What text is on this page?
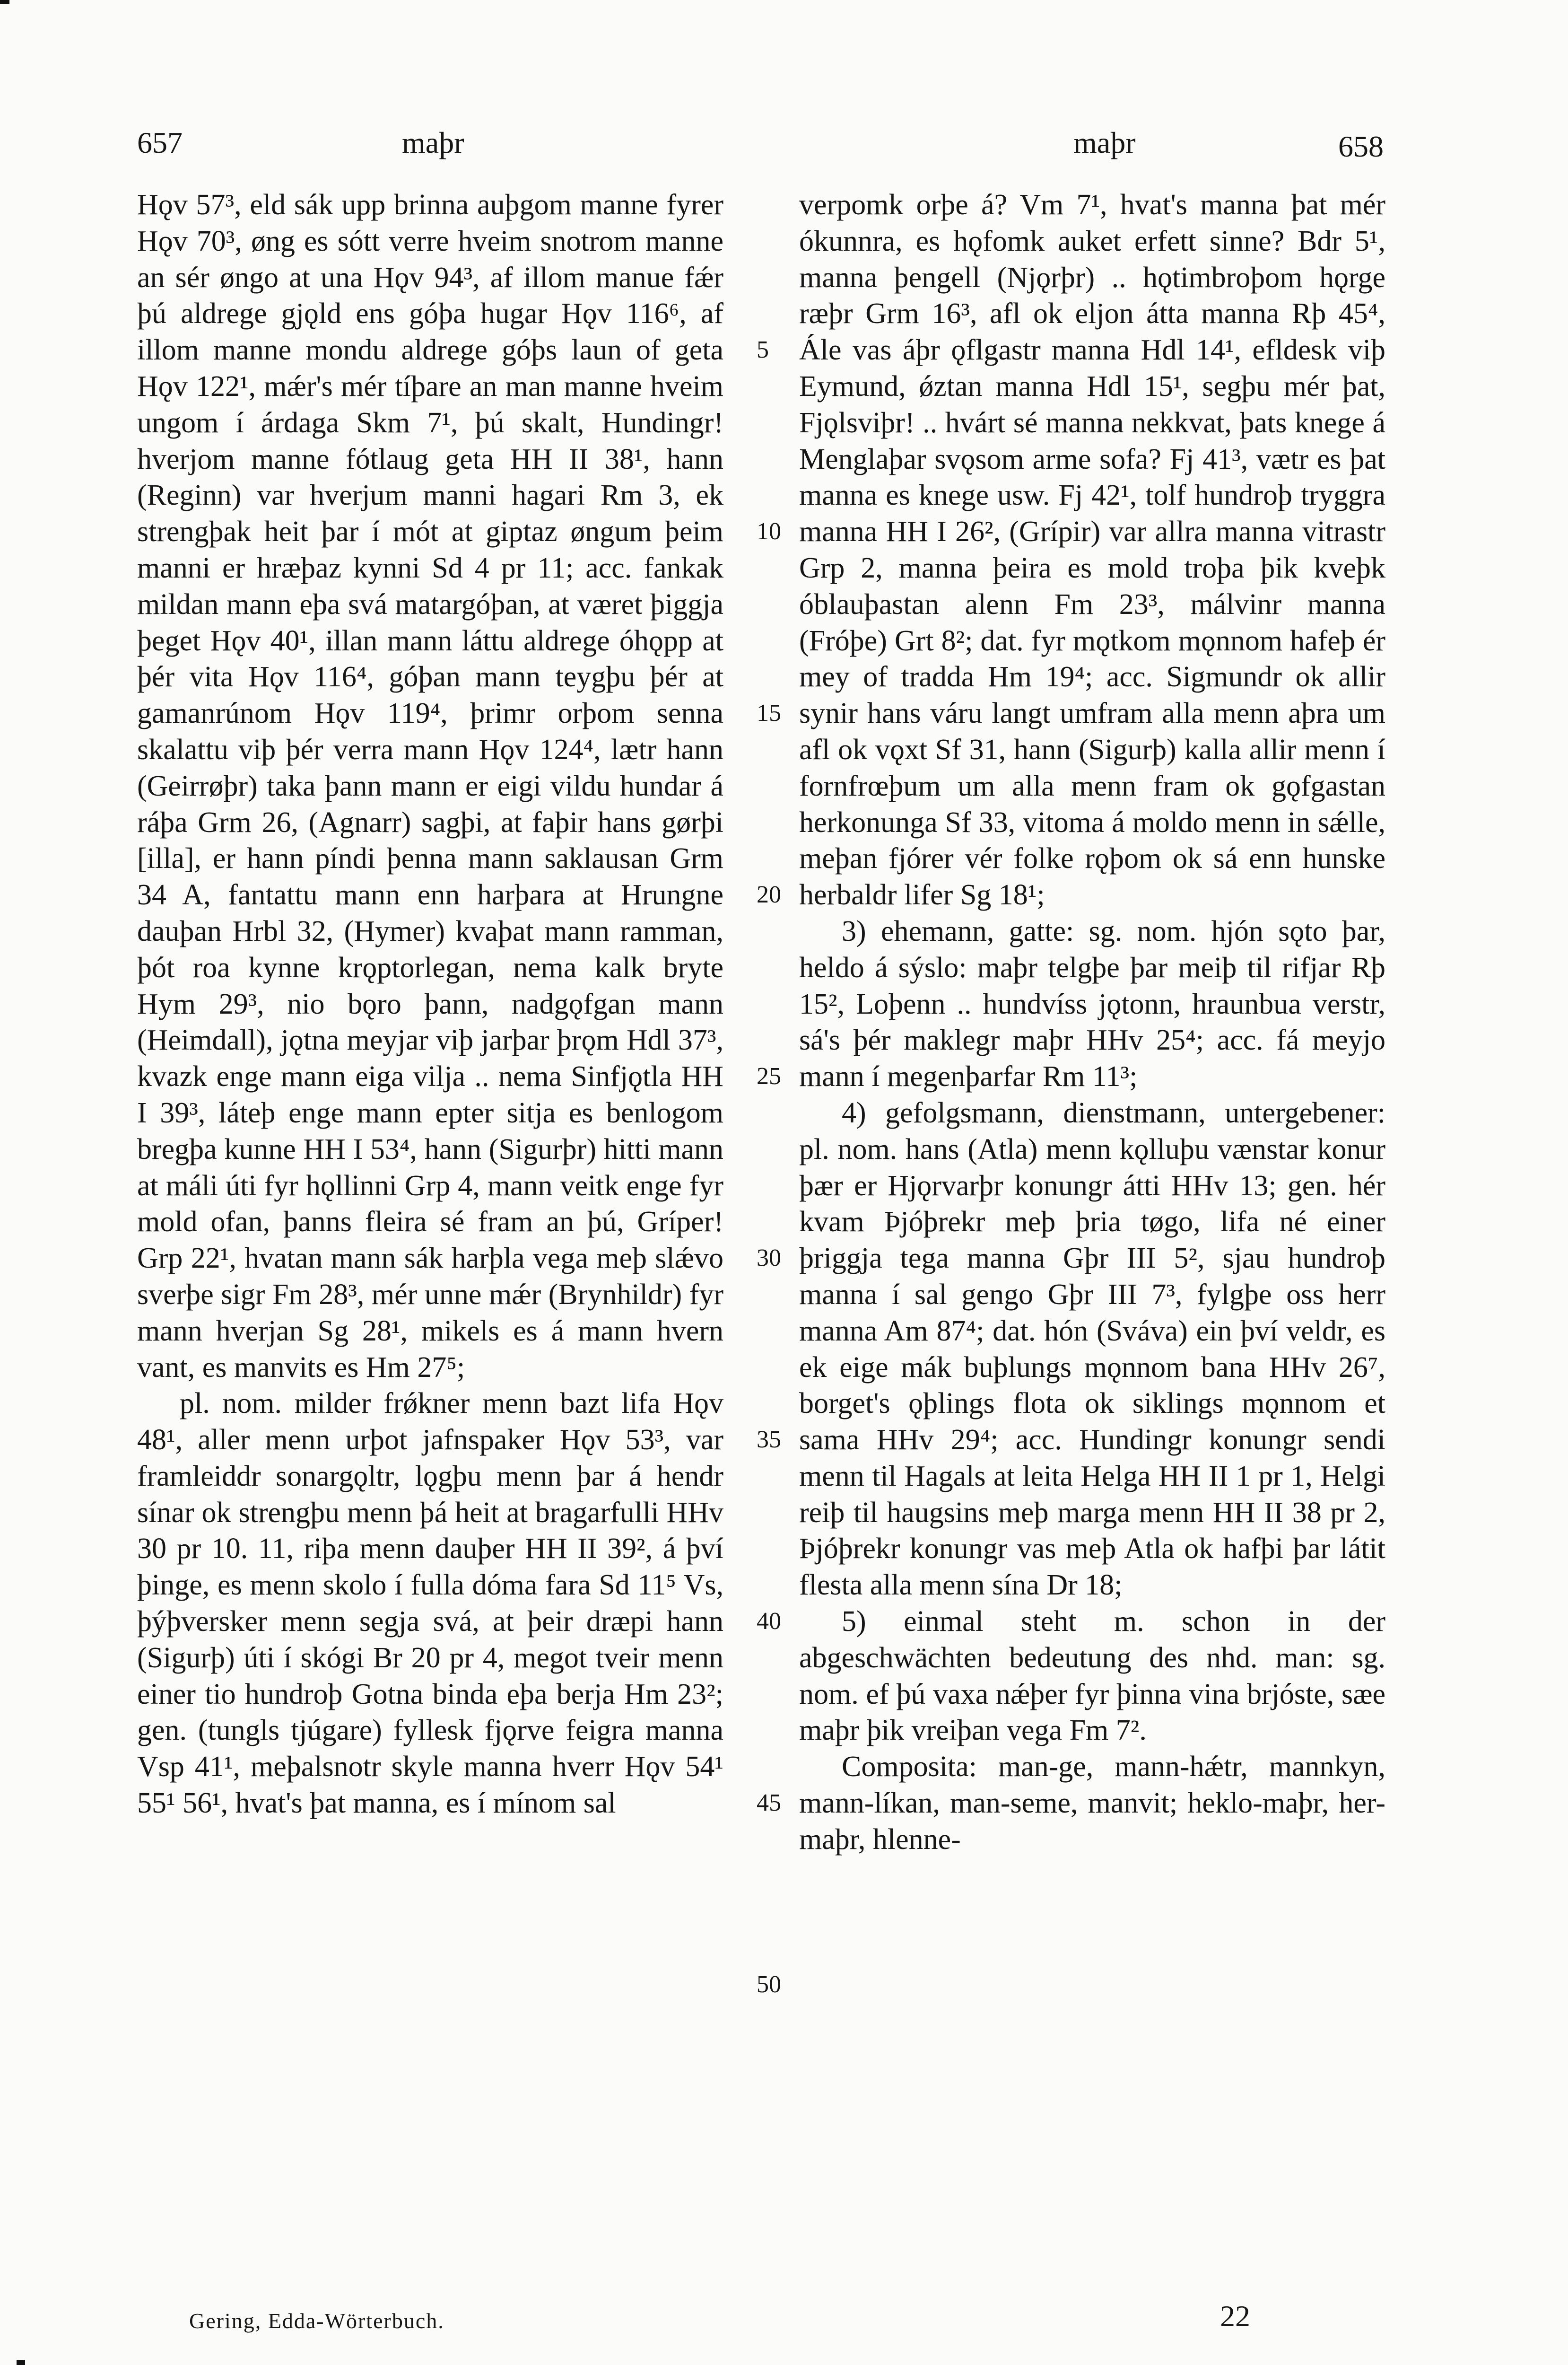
657	maþr	maþr	658

Hǫv 57³, eld sák upp brinna auþgom manne fyrer Hǫv 70³, øng es sótt verre hveim snotrom manne an sér øngo at una Hǫv 94³, af illom manue fǽr þú aldrege gjǫld ens góþa hugar Hǫv 116⁶, af illom manne mondu aldrege góþs laun of geta Hǫv 122¹, mǽr's mér tíþare an man manne hveim ungom í árdaga Skm 7¹, þú skalt, Hundingr! hverjom manne fótlaug geta HH II 38¹, hann (Reginn) var hverjum manni hagari Rm 3, ek strengþak heit þar í mót at giptaz øngum þeim manni er hræþaz kynni Sd 4 pr 11; acc. fankak mildan mann eþa svá matargóþan, at været þiggja þeget Hǫv 40¹, illan mann láttu aldrege óhǫpp at þér vita Hǫv 116⁴, góþan mann teygþu þér at gamanrúnom Hǫv 119⁴, þrimr orþom senna skalattu viþ þér verra mann Hǫv 124⁴, lætr hann (Geirrøþr) taka þann mann er eigi vildu hundar á ráþa Grm 26, (Agnarr) sagþi, at faþir hans gørþi [illa], er hann píndi þenna mann saklausan Grm 34 A, fantattu mann enn harþara at Hrungne dauþan Hrbl 32, (Hymer) kvaþat mann ramman, þót roa kynne krǫptorlegan, nema kalk bryte Hym 29³, nio bǫro þann, nadgǫfgan mann (Heimdall), jǫtna meyjar viþ jarþar þrǫm Hdl 37³, kvazk enge mann eiga vilja .. nema Sinfjǫtla HH I 39³, láteþ enge mann epter sitja es benlogom bregþa kunne HH I 53⁴, hann (Sigurþr) hitti mann at máli úti fyr hǫllinni Grp 4, mann veitk enge fyr mold ofan, þanns fleira sé fram an þú, Gríper! Grp 22¹, hvatan mann sák harþla vega meþ slǽvo sverþe sigr Fm 28³, mér unne mǽr (Brynhildr) fyr mann hverjan Sg 28¹, mikels es á mann hvern vant, es manvits es Hm 27⁵;

pl. nom. milder frǿkner menn bazt lifa Hǫv 48¹, aller menn urþot jafnspaker Hǫv 53³, var framleiddr sonargǫltr, lǫgþu menn þar á hendr sínar ok strengþu menn þá heit at bragarfulli HHv 30 pr 10. 11, riþa menn dauþer HH II 39², á því þinge, es menn skolo í fulla dóma fara Sd 11⁵ Vs, þýþversker menn segja svá, at þeir dræpi hann (Sigurþ) úti í skógi Br 20 pr 4, megot tveir menn einer tio hundroþ Gotna binda eþa berja Hm 23²; gen. (tungls tjúgare) fyllesk fjǫrve feigra manna Vsp 41¹, meþalsnotr skyle manna hverr Hǫv 54¹ 55¹ 56¹, hvat's þat manna, es í mínom sal

5
10
15
20
25
30
35
40
45
50

verpomk orþe á? Vm 7¹, hvat's manna þat mér ókunnra, es hǫfomk auket erfett sinne? Bdr 5¹, manna þengell (Njǫrþr) .. hǫtimbroþom hǫrge ræþr Grm 16³, afl ok eljon átta manna Rþ 45⁴, Ále vas áþr ǫflgastr manna Hdl 14¹, efldesk viþ Eymund, ǿztan manna Hdl 15¹, segþu mér þat, Fjǫlsviþr! .. hvárt sé manna nekkvat, þats knege á Menglaþar svǫsom arme sofa? Fj 41³, vætr es þat manna es knege usw. Fj 42¹, tolf hundroþ tryggra manna HH I 26², (Grípir) var allra manna vitrastr Grp 2, manna þeira es mold troþa þik kveþk óblauþastan alenn Fm 23³, málvinr manna (Fróþe) Grt 8²; dat. fyr mǫtkom mǫnnom hafeþ ér mey of tradda Hm 19⁴; acc. Sigmundr ok allir synir hans váru langt umfram alla menn aþra um afl ok vǫxt Sf 31, hann (Sigurþ) kalla allir menn í fornfrœþum um alla menn fram ok gǫfgastan herkonunga Sf 33, vitoma á moldo menn in sǽlle, meþan fjórer vér folke rǫþom ok sá enn hunske herbaldr lifer Sg 18¹;

3) ehemann, gatte: sg. nom. hjón sǫto þar, heldo á sýslo: maþr telgþe þar meiþ til rifjar Rþ 15², Loþenn .. hundvíss jǫtonn, hraunbua verstr, sá's þér maklegr maþr HHv 25⁴; acc. fá meyjo mann í megenþarfar Rm 11³;

4) gefolgsmann, dienstmann, untergebener: pl. nom. hans (Atla) menn kǫlluþu vænstar konur þær er Hjǫrvarþr konungr átti HHv 13; gen. hér kvam Þjóþrekr meþ þria tøgo, lifa né einer þriggja tega manna Gþr III 5², sjau hundroþ manna í sal gengo Gþr III 7³, fylgþe oss herr manna Am 87⁴; dat. hón (Sváva) ein því veldr, es ek eige mák buþlungs mǫnnom bana HHv 26⁷, borget's ǫþlings flota ok siklings mǫnnom et sama HHv 29⁴; acc. Hundingr konungr sendi menn til Hagals at leita Helga HH II 1 pr 1, Helgi reiþ til haugsins meþ marga menn HH II 38 pr 2, Þjóþrekr konungr vas meþ Atla ok hafþi þar látit flesta alla menn sína Dr 18;

5) einmal steht m. schon in der abgeschwächten bedeutung des nhd. man: sg. nom. ef þú vaxa nǽþer fyr þinna vina brjóste, sæe maþr þik vreiþan vega Fm 7².

Composita: man-ge, mann-hǽtr, mannkyn, mann-líkan, man-seme, manvit; heklo-maþr, her-maþr, hlenne-

Gering, Edda-Wörterbuch.	22
